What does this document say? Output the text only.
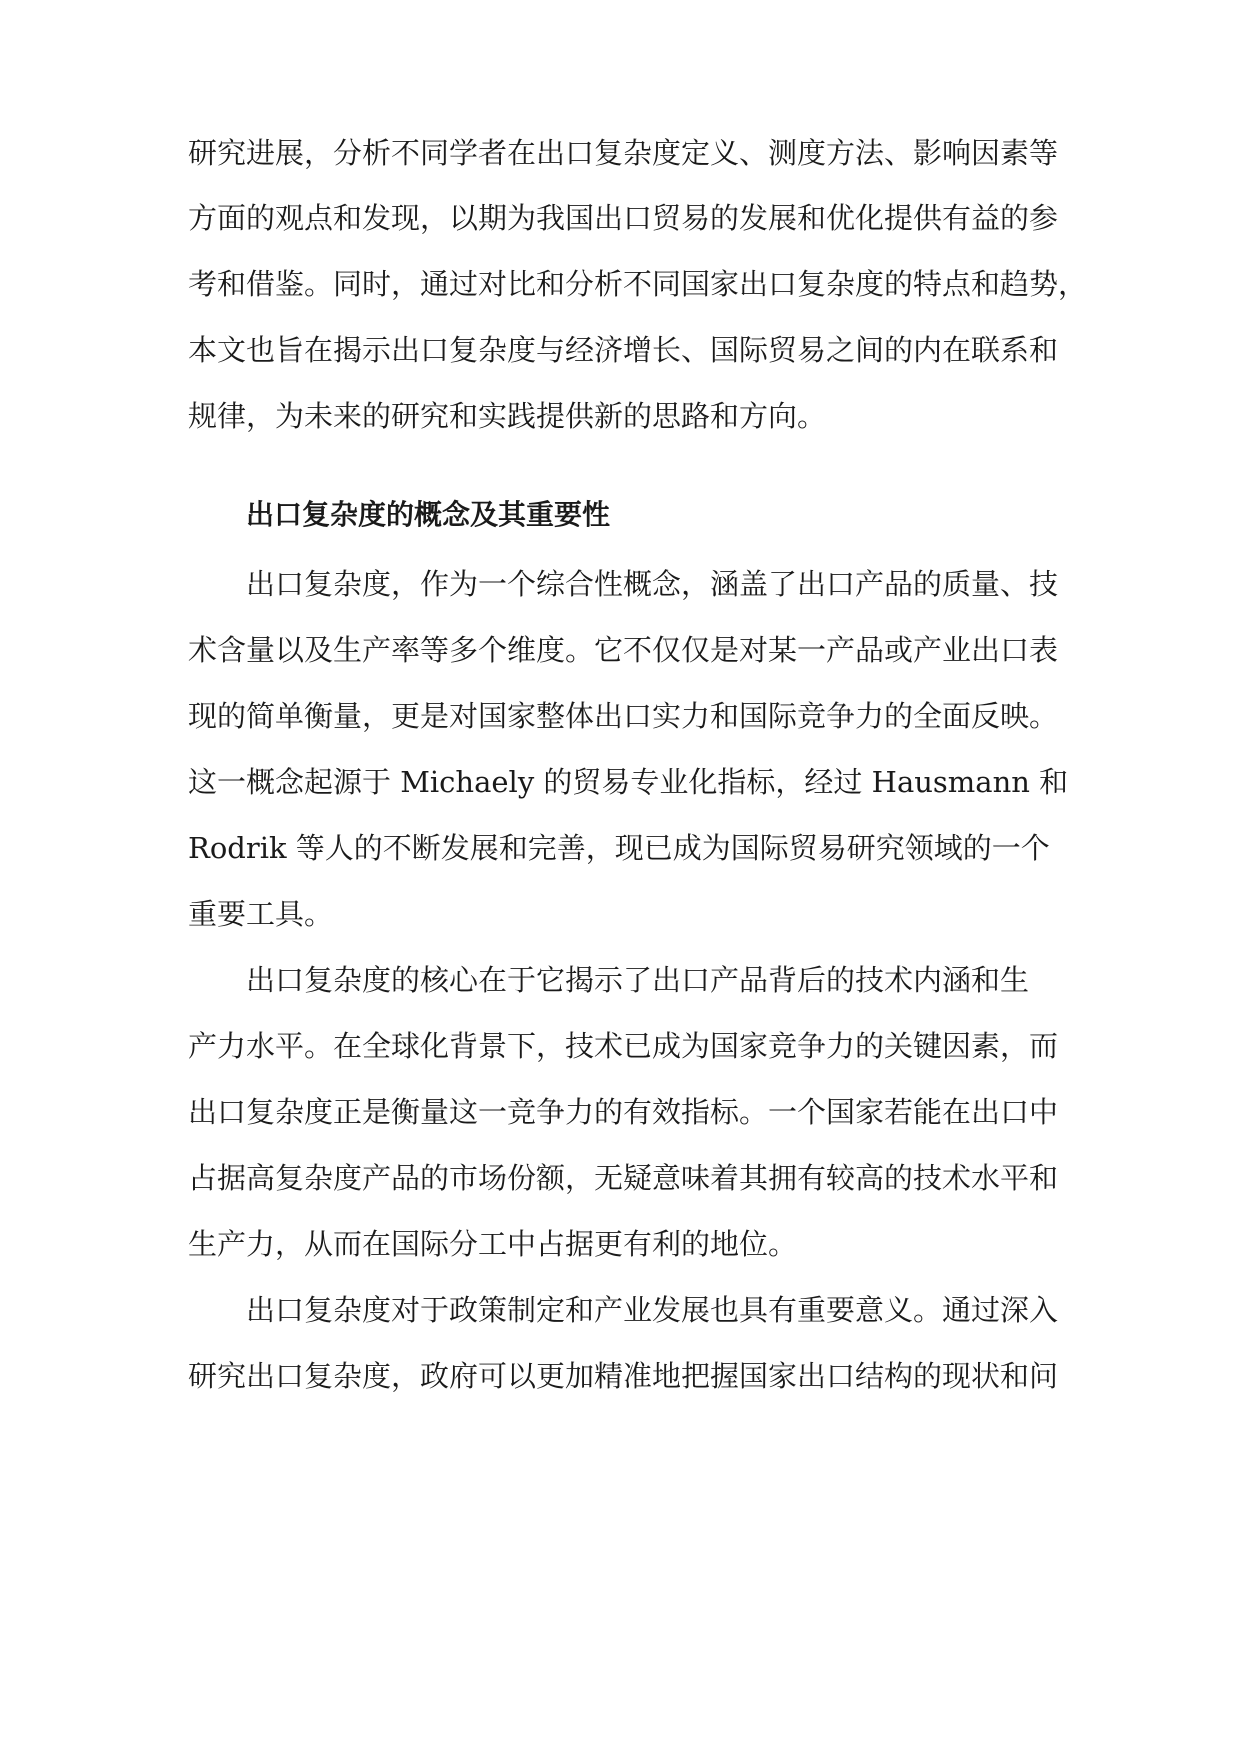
研究进展，分析不同学者在出口复杂度定义、测度方法、影响因素等
方面的观点和发现，以期为我国出口贸易的发展和优化提供有益的参
考和借鉴。同时，通过对比和分析不同国家出口复杂度的特点和趋势，
本文也旨在揭示出口复杂度与经济增长、国际贸易之间的内在联系和
规律，为未来的研究和实践提供新的思路和方向。
出口复杂度的概念及其重要性
出口复杂度，作为一个综合性概念，涵盖了出口产品的质量、技
术含量以及生产率等多个维度。它不仅仅是对某一产品或产业出口表
现的简单衡量，更是对国家整体出口实力和国际竞争力的全面反映。
这一概念起源于 Michaely 的贸易专业化指标，经过 Hausmann 和
Rodrik 等人的不断发展和完善，现已成为国际贸易研究领域的一个
重要工具。
出口复杂度的核心在于它揭示了出口产品背后的技术内涵和生
产力水平。在全球化背景下，技术已成为国家竞争力的关键因素，而
出口复杂度正是衡量这一竞争力的有效指标。一个国家若能在出口中
占据高复杂度产品的市场份额，无疑意味着其拥有较高的技术水平和
生产力，从而在国际分工中占据更有利的地位。
出口复杂度对于政策制定和产业发展也具有重要意义。通过深入
研究出口复杂度，政府可以更加精准地把握国家出口结构的现状和问
